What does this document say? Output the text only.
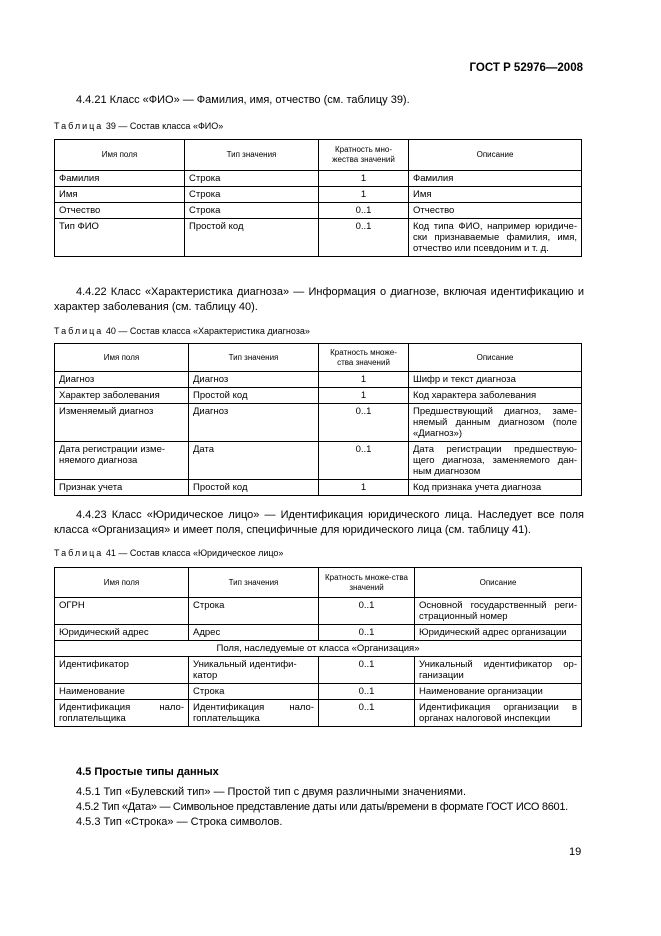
ГОСТ Р 52976—2008
4.4.21 Класс «ФИО» — Фамилия, имя, отчество (см. таблицу 39).
Таблица 39 — Состав класса «ФИО»
Имя поля	Тип значения	Кратность мно-жества значений	Описание
Фамилия	Строка	1	Фамилия
Имя	Строка	1	Имя
Отчество	Строка	0..1	Отчество
Тип ФИО	Простой код	0..1	Код типа ФИО, например юридиче-ски признаваемые фамилия, имя, отчество или псевдоним и т. д.
4.4.22 Класс «Характеристика диагноза» — Информация о диагнозе, включая идентификацию и характер заболевания (см. таблицу 40).
Таблица 40 — Состав класса «Характеристика диагноза»
Имя поля	Тип значения	Кратность множе-ства значений	Описание
Диагноз	Диагноз	1	Шифр и текст диагноза
Характер заболевания	Простой код	1	Код характера заболевания
Изменяемый диагноз	Диагноз	0..1	Предшествующий диагноз, заме-няемый данным диагнозом (поле «Диагноз»)
Дата регистрации изме-няемого диагноза	Дата	0..1	Дата регистрации предшествую-щего диагноза, заменяемого дан-ным диагнозом
Признак учета	Простой код	1	Код признака учета диагноза
4.4.23 Класс «Юридическое лицо» — Идентификация юридического лица. Наследует все поля класса «Организация» и имеет поля, специфичные для юридического лица (см. таблицу 41).
Таблица 41 — Состав класса «Юридическое лицо»
Имя поля	Тип значения	Кратность множе-ства значений	Описание
ОГРН	Строка	0..1	Основной государственный реги-страционный номер
Юридический адрес	Адрес	0..1	Юридический адрес организации
Поля, наследуемые от класса «Организация»			
Идентификатор	Уникальный идентифи-катор	0..1	Уникальный идентификатор ор-ганизации
Наименование	Строка	0..1	Наименование организации
Идентификация нало-гоплательщика	Идентификация нало-гоплательщика	0..1	Идентификация организации в органах налоговой инспекции
4.5 Простые типы данных
4.5.1 Тип «Булевский тип» — Простой тип с двумя различными значениями.
4.5.2 Тип «Дата» — Символьное представление даты или даты/времени в формате ГОСТ ИСО 8601.
4.5.3 Тип «Строка» — Строка символов.
19
